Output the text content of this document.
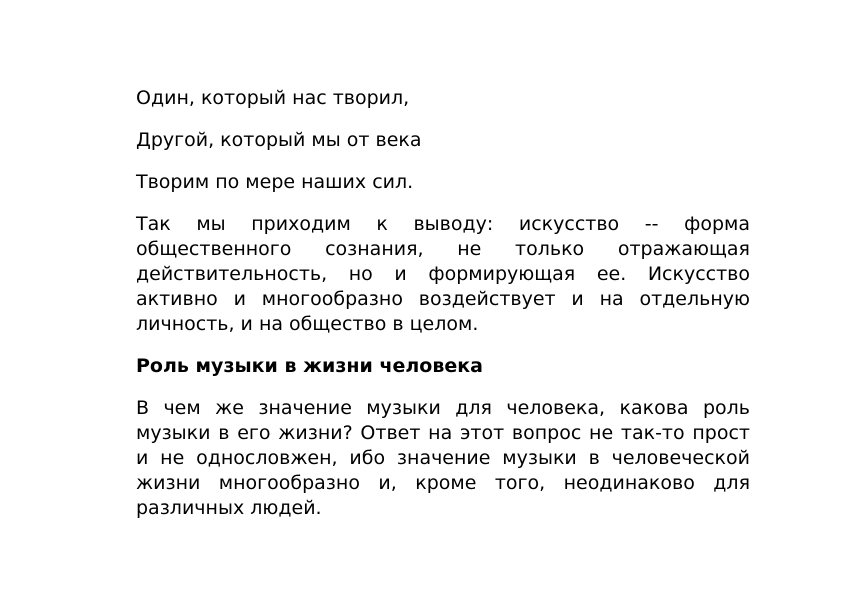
Один, который нас творил,

Другой, который мы от века

Творим по мере наших сил.

Так мы приходим к выводу: искусство -- форма общественного сознания, не только отражающая действительность, но и формирующая ее. Искусство активно и многообразно воздействует и на отдельную личность, и на общество в целом.

Роль музыки в жизни человека

В чем же значение музыки для человека, какова роль музыки в его жизни? Ответ на этот вопрос не так-то прост и не однословжен, ибо значение музыки в человеческой жизни многообразно и, кроме того, неодинаково для различных людей.
